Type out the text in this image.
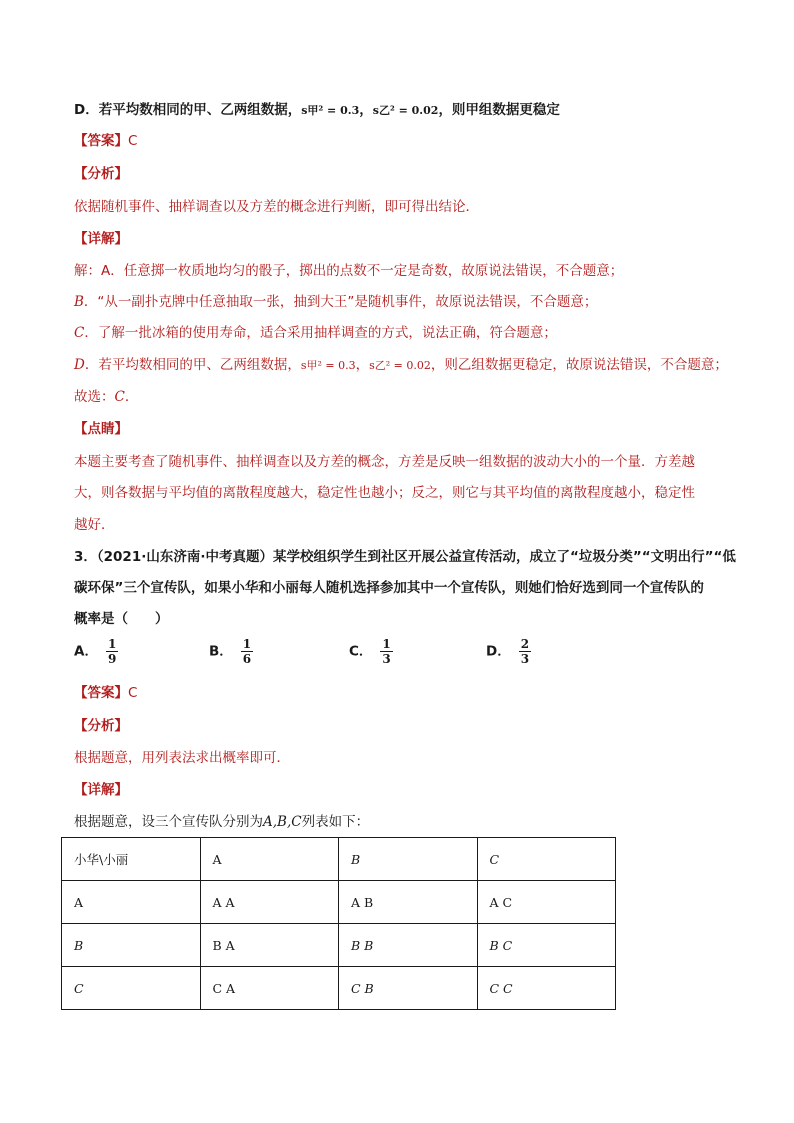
D．若平均数相同的甲、乙两组数据，s甲² = 0.3，s乙² = 0.02，则甲组数据更稳定
【答案】C
【分析】
依据随机事件、抽样调查以及方差的概念进行判断，即可得出结论．
【详解】
解：A．任意掷一枚质地均匀的骰子，掷出的点数不一定是奇数，故原说法错误，不合题意；
B．“从一副扑克牌中任意抽取一张，抽到大王”是随机事件，故原说法错误，不合题意；
C．了解一批冰箱的使用寿命，适合采用抽样调查的方式，说法正确，符合题意；
D．若平均数相同的甲、乙两组数据，s甲² = 0.3，s乙² = 0.02，则乙组数据更稳定，故原说法错误，不合题意；
故选：C．
【点睛】
本题主要考查了随机事件、抽样调查以及方差的概念，方差是反映一组数据的波动大小的一个量．方差越
大，则各数据与平均值的离散程度越大，稳定性也越小；反之，则它与其平均值的离散程度越小，稳定性
越好．
3．（2021·山东济南·中考真题）某学校组织学生到社区开展公益宣传活动，成立了“垃圾分类”“文明出行”“低
碳环保”三个宣传队，如果小华和小丽每人随机选择参加其中一个宣传队，则她们恰好选到同一个宣传队的
概率是（　　）
A． $\frac{1}{9}$	B． $\frac{1}{6}$	C． $\frac{1}{3}$	D． $\frac{2}{3}$
【答案】C
【分析】
根据题意，用列表法求出概率即可．
【详解】
根据题意，设三个宣传队分别为A,B,C列表如下：
小华\小丽	A	B	C
A	A A	A B	A C
B	B A	B B	B C
C	C A	C B	C C
